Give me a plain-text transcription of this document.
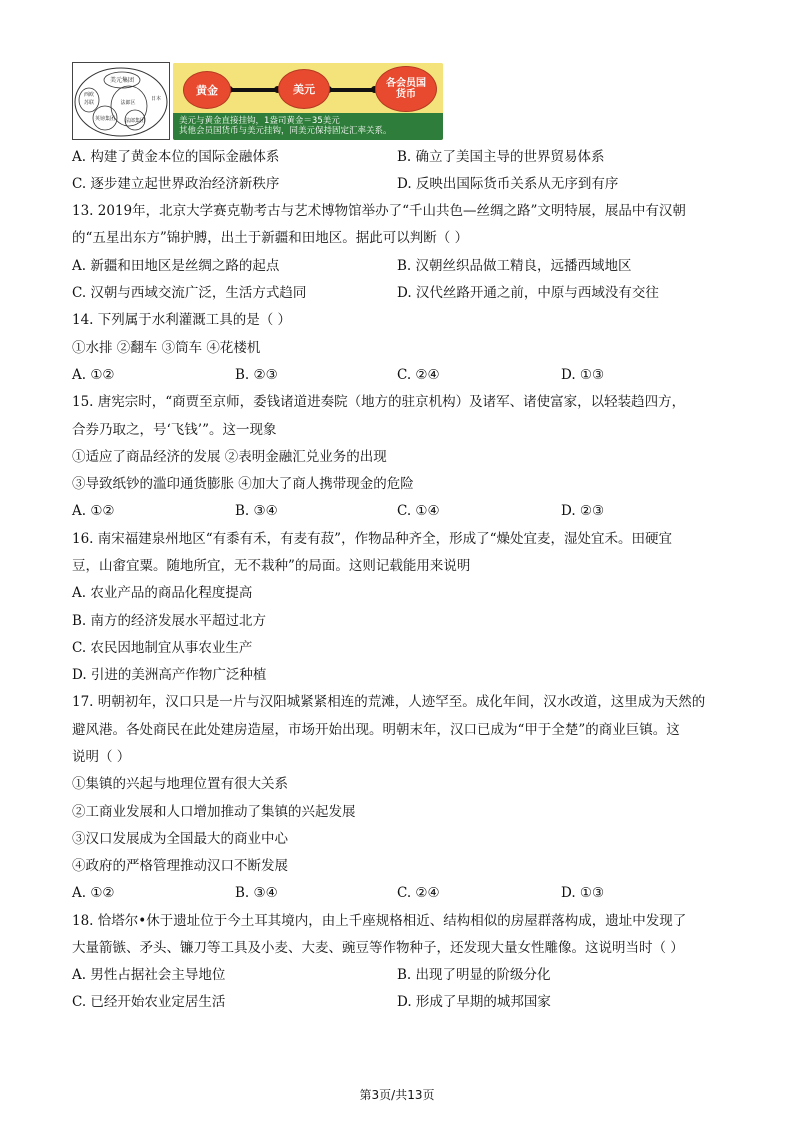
美元集团
西欧
苏联
日本
法郎区
英镑集团 法郎集团
黄金	美元	各会员国
货币
美元与黄金直接挂钩，1盎司黄金＝35美元
其他会员国货币与美元挂钩，同美元保持固定汇率关系。
A. 构建了黄金本位的国际金融体系	B. 确立了美国主导的世界贸易体系
C. 逐步建立起世界政治经济新秩序	D. 反映出国际货币关系从无序到有序
13. 2019年，北京大学赛克勒考古与艺术博物馆举办了“千山共色—丝绸之路”文明特展，展品中有汉朝
的“五星出东方”锦护膊，出土于新疆和田地区。据此可以判断（ ）
A. 新疆和田地区是丝绸之路的起点	B. 汉朝丝织品做工精良，远播西域地区
C. 汉朝与西域交流广泛，生活方式趋同	D. 汉代丝路开通之前，中原与西域没有交往
14. 下列属于水利灌溉工具的是（ ）
①水排 ②翻车 ③筒车 ④花楼机
A. ①②	B. ②③	C. ②④	D. ①③
15. 唐宪宗时，“商贾至京师，委钱诸道进奏院（地方的驻京机构）及诸军、诸使富家，以轻装趋四方，
合券乃取之，号‘飞钱’”。这一现象
①适应了商品经济的发展 ②表明金融汇兑业务的出现
③导致纸钞的滥印通货膨胀 ④加大了商人携带现金的危险
A. ①②	B. ③④	C. ①④	D. ②③
16. 南宋福建泉州地区“有黍有禾，有麦有菽”，作物品种齐全，形成了“燥处宜麦，湿处宜禾。田硬宜
豆，山畬宜粟。随地所宜，无不栽种”的局面。这则记载能用来说明
A. 农业产品的商品化程度提高
B. 南方的经济发展水平超过北方
C. 农民因地制宜从事农业生产
D. 引进的美洲高产作物广泛种植
17. 明朝初年，汉口只是一片与汉阳城紧紧相连的荒滩，人迹罕至。成化年间，汉水改道，这里成为天然的
避风港。各处商民在此处建房造屋，市场开始出现。明朝末年，汉口已成为“甲于全楚”的商业巨镇。这
说明（ ）
①集镇的兴起与地理位置有很大关系
②工商业发展和人口增加推动了集镇的兴起发展
③汉口发展成为全国最大的商业中心
④政府的严格管理推动汉口不断发展
A. ①②	B. ③④	C. ②④	D. ①③
18. 恰塔尔•休于遗址位于今土耳其境内，由上千座规格相近、结构相似的房屋群落构成，遗址中发现了
大量箭镞、矛头、镰刀等工具及小麦、大麦、豌豆等作物种子，还发现大量女性雕像。这说明当时（ ）
A. 男性占据社会主导地位	B. 出现了明显的阶级分化
C. 已经开始农业定居生活	D. 形成了早期的城邦国家
第3页/共13页
